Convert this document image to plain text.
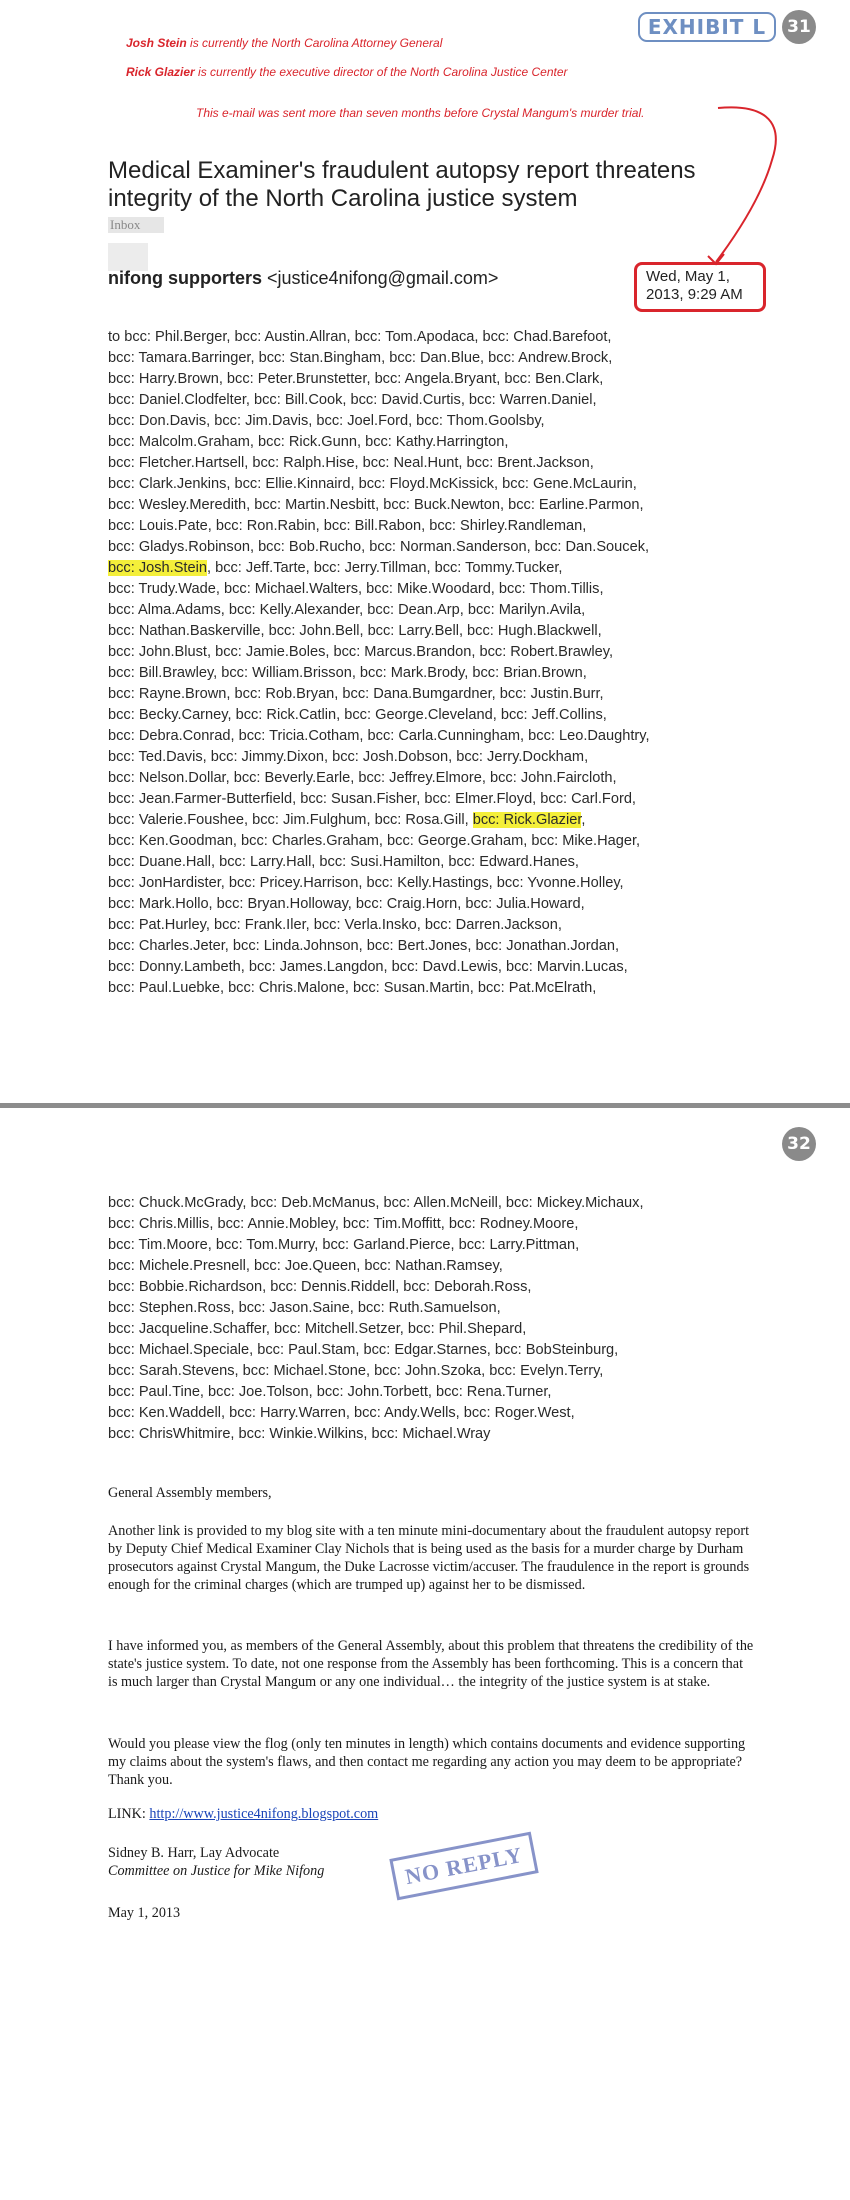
EXHIBIT L	31
Josh Stein is currently the North Carolina Attorney General
Rick Glazier is currently the executive director of the North Carolina Justice Center
This e-mail was sent more than seven months before Crystal Mangum's murder trial.
Medical Examiner's fraudulent autopsy report threatens integrity of the North Carolina justice system
Inbox
nifong supporters <justice4nifong@gmail.com>	Wed, May 1,
2013, 9:29 AM
to bcc: Phil.Berger, bcc: Austin.Allran, bcc: Tom.Apodaca, bcc: Chad.Barefoot,
bcc: Tamara.Barringer, bcc: Stan.Bingham, bcc: Dan.Blue, bcc: Andrew.Brock,
bcc: Harry.Brown, bcc: Peter.Brunstetter, bcc: Angela.Bryant, bcc: Ben.Clark,
bcc: Daniel.Clodfelter, bcc: Bill.Cook, bcc: David.Curtis, bcc: Warren.Daniel,
bcc: Don.Davis, bcc: Jim.Davis, bcc: Joel.Ford, bcc: Thom.Goolsby,
bcc: Malcolm.Graham, bcc: Rick.Gunn, bcc: Kathy.Harrington,
bcc: Fletcher.Hartsell, bcc: Ralph.Hise, bcc: Neal.Hunt, bcc: Brent.Jackson,
bcc: Clark.Jenkins, bcc: Ellie.Kinnaird, bcc: Floyd.McKissick, bcc: Gene.McLaurin,
bcc: Wesley.Meredith, bcc: Martin.Nesbitt, bcc: Buck.Newton, bcc: Earline.Parmon,
bcc: Louis.Pate, bcc: Ron.Rabin, bcc: Bill.Rabon, bcc: Shirley.Randleman,
bcc: Gladys.Robinson, bcc: Bob.Rucho, bcc: Norman.Sanderson, bcc: Dan.Soucek,
bcc: Josh.Stein, bcc: Jeff.Tarte, bcc: Jerry.Tillman, bcc: Tommy.Tucker,
bcc: Trudy.Wade, bcc: Michael.Walters, bcc: Mike.Woodard, bcc: Thom.Tillis,
bcc: Alma.Adams, bcc: Kelly.Alexander, bcc: Dean.Arp, bcc: Marilyn.Avila,
bcc: Nathan.Baskerville, bcc: John.Bell, bcc: Larry.Bell, bcc: Hugh.Blackwell,
bcc: John.Blust, bcc: Jamie.Boles, bcc: Marcus.Brandon, bcc: Robert.Brawley,
bcc: Bill.Brawley, bcc: William.Brisson, bcc: Mark.Brody, bcc: Brian.Brown,
bcc: Rayne.Brown, bcc: Rob.Bryan, bcc: Dana.Bumgardner, bcc: Justin.Burr,
bcc: Becky.Carney, bcc: Rick.Catlin, bcc: George.Cleveland, bcc: Jeff.Collins,
bcc: Debra.Conrad, bcc: Tricia.Cotham, bcc: Carla.Cunningham, bcc: Leo.Daughtry,
bcc: Ted.Davis, bcc: Jimmy.Dixon, bcc: Josh.Dobson, bcc: Jerry.Dockham,
bcc: Nelson.Dollar, bcc: Beverly.Earle, bcc: Jeffrey.Elmore, bcc: John.Faircloth,
bcc: Jean.Farmer-Butterfield, bcc: Susan.Fisher, bcc: Elmer.Floyd, bcc: Carl.Ford,
bcc: Valerie.Foushee, bcc: Jim.Fulghum, bcc: Rosa.Gill, bcc: Rick.Glazier,
bcc: Ken.Goodman, bcc: Charles.Graham, bcc: George.Graham, bcc: Mike.Hager,
bcc: Duane.Hall, bcc: Larry.Hall, bcc: Susi.Hamilton, bcc: Edward.Hanes,
bcc: JonHardister, bcc: Pricey.Harrison, bcc: Kelly.Hastings, bcc: Yvonne.Holley,
bcc: Mark.Hollo, bcc: Bryan.Holloway, bcc: Craig.Horn, bcc: Julia.Howard,
bcc: Pat.Hurley, bcc: Frank.Iler, bcc: Verla.Insko, bcc: Darren.Jackson,
bcc: Charles.Jeter, bcc: Linda.Johnson, bcc: Bert.Jones, bcc: Jonathan.Jordan,
bcc: Donny.Lambeth, bcc: James.Langdon, bcc: Davd.Lewis, bcc: Marvin.Lucas,
bcc: Paul.Luebke, bcc: Chris.Malone, bcc: Susan.Martin, bcc: Pat.McElrath,
32
bcc: Chuck.McGrady, bcc: Deb.McManus, bcc: Allen.McNeill, bcc: Mickey.Michaux,
bcc: Chris.Millis, bcc: Annie.Mobley, bcc: Tim.Moffitt, bcc: Rodney.Moore,
bcc: Tim.Moore, bcc: Tom.Murry, bcc: Garland.Pierce, bcc: Larry.Pittman,
bcc: Michele.Presnell, bcc: Joe.Queen, bcc: Nathan.Ramsey,
bcc: Bobbie.Richardson, bcc: Dennis.Riddell, bcc: Deborah.Ross,
bcc: Stephen.Ross, bcc: Jason.Saine, bcc: Ruth.Samuelson,
bcc: Jacqueline.Schaffer, bcc: Mitchell.Setzer, bcc: Phil.Shepard,
bcc: Michael.Speciale, bcc: Paul.Stam, bcc: Edgar.Starnes, bcc: BobSteinburg,
bcc: Sarah.Stevens, bcc: Michael.Stone, bcc: John.Szoka, bcc: Evelyn.Terry,
bcc: Paul.Tine, bcc: Joe.Tolson, bcc: John.Torbett, bcc: Rena.Turner,
bcc: Ken.Waddell, bcc: Harry.Warren, bcc: Andy.Wells, bcc: Roger.West,
bcc: ChrisWhitmire, bcc: Winkie.Wilkins, bcc: Michael.Wray

General Assembly members,

Another link is provided to my blog site with a ten minute mini-documentary about the fraudulent autopsy report by Deputy Chief Medical Examiner Clay Nichols that is being used as the basis for a murder charge by Durham prosecutors against Crystal Mangum, the Duke Lacrosse victim/accuser. The fraudulence in the report is grounds enough for the criminal charges (which are trumped up) against her to be dismissed.

I have informed you, as members of the General Assembly, about this problem that threatens the credibility of the state's justice system. To date, not one response from the Assembly has been forthcoming. This is a concern that is much larger than Crystal Mangum or any one individual… the integrity of the justice system is at stake.

Would you please view the flog (only ten minutes in length) which contains documents and evidence supporting my claims about the system's flaws, and then contact me regarding any action you may deem to be appropriate? Thank you.

LINK: http://www.justice4nifong.blogspot.com

Sidney B. Harr, Lay Advocate

Committee on Justice for Mike Nifong

May 1, 2013

NO REPLY
